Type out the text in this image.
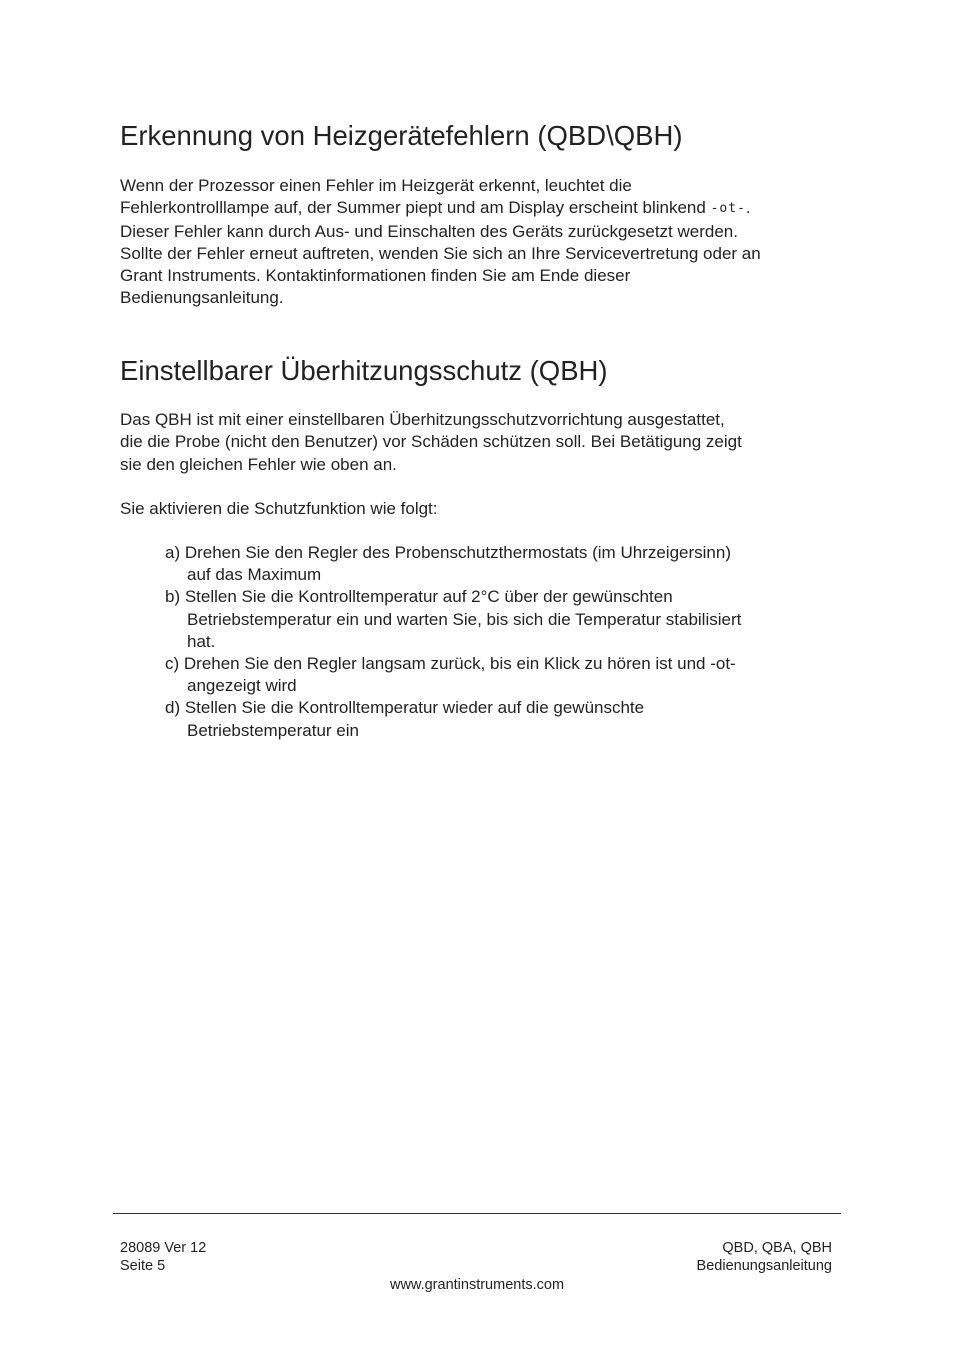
Erkennung von Heizgerätefehlern (QBD\QBH)
Wenn der Prozessor einen Fehler im Heizgerät erkennt, leuchtet die
Fehlerkontrolllampe auf, der Summer piept und am Display erscheint blinkend -ot-.
Dieser Fehler kann durch Aus- und Einschalten des Geräts zurückgesetzt werden.
Sollte der Fehler erneut auftreten, wenden Sie sich an Ihre Servicevertretung oder an
Grant Instruments. Kontaktinformationen finden Sie am Ende dieser
Bedienungsanleitung.
Einstellbarer Überhitzungsschutz (QBH)
Das QBH ist mit einer einstellbaren Überhitzungsschutzvorrichtung ausgestattet,
die die Probe (nicht den Benutzer) vor Schäden schützen soll. Bei Betätigung zeigt
sie den gleichen Fehler wie oben an.
Sie aktivieren die Schutzfunktion wie folgt:
a) Drehen Sie den Regler des Probenschutzthermostats (im Uhrzeigersinn)
auf das Maximum
b) Stellen Sie die Kontrolltemperatur auf 2°C über der gewünschten
Betriebstemperatur ein und warten Sie, bis sich die Temperatur stabilisiert
hat.
c) Drehen Sie den Regler langsam zurück, bis ein Klick zu hören ist und -ot-
angezeigt wird
d) Stellen Sie die Kontrolltemperatur wieder auf die gewünschte
Betriebstemperatur ein
28089 Ver 12
Seite 5
QBD, QBA, QBH
Bedienungsanleitung
www.grantinstruments.com
